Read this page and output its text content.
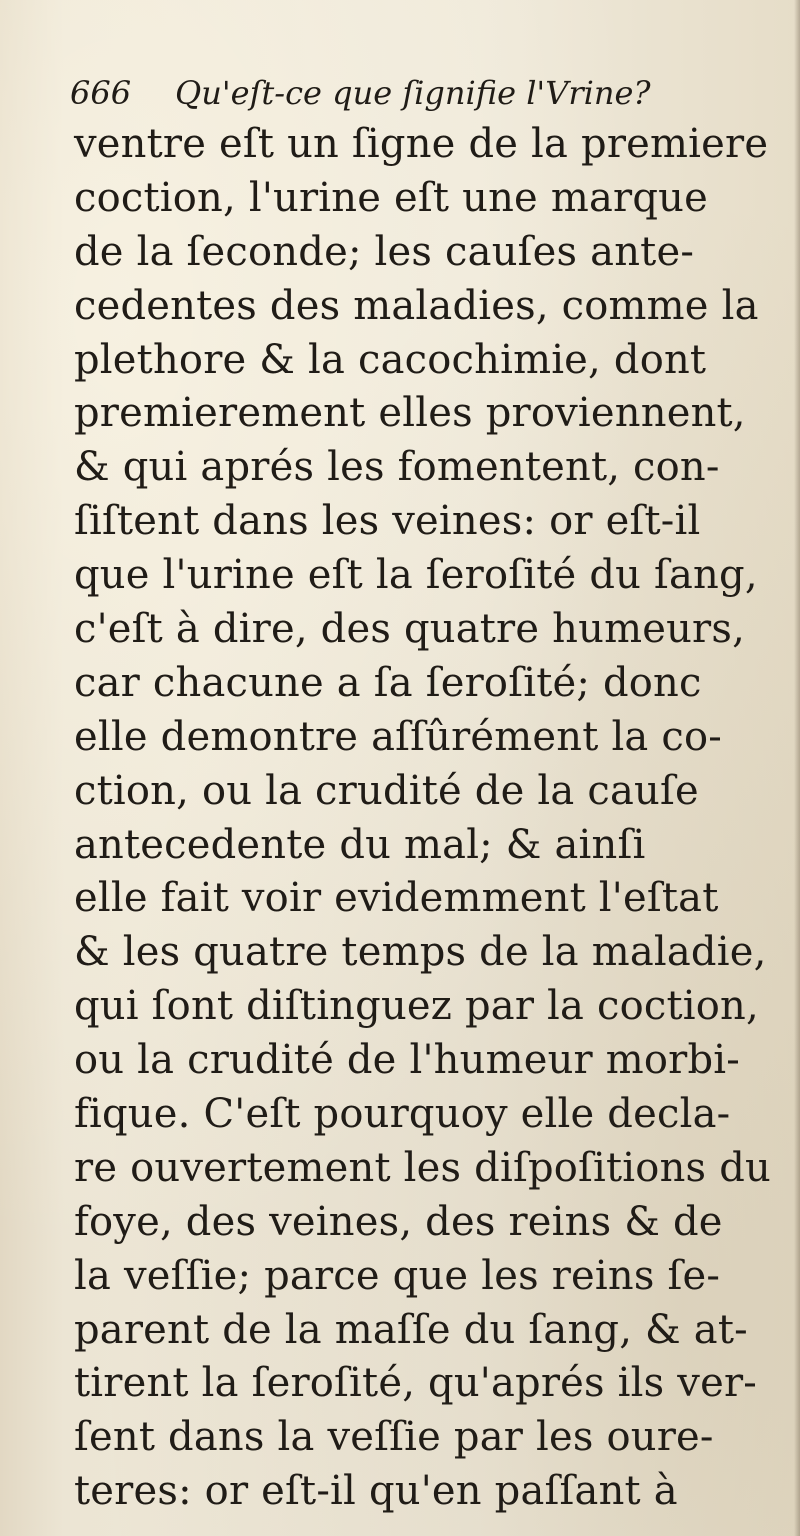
666 Qu'eſt-ce que ſignifie l'Vrine?
ventre eſt un ſigne de la premiere
coction, l'urine eſt une marque
de la ſeconde; les cauſes ante-
cedentes des maladies, comme la
plethore & la cacochimie, dont
premierement elles proviennent,
& qui aprés les fomentent, con-
ſiſtent dans les veines: or eſt-il
que l'urine eſt la ſeroſité du ſang,
c'eſt à dire, des quatre humeurs,
car chacune a ſa ſeroſité; donc
elle demontre aſſûrément la co-
ction, ou la crudité de la cauſe
antecedente du mal; & ainſi
elle fait voir evidemment l'eſtat
& les quatre temps de la maladie,
qui ſont diſtinguez par la coction,
ou la crudité de l'humeur morbi-
fique. C'eſt pourquoy elle decla-
re ouvertement les diſpoſitions du
foye, des veines, des reins & de
la veſſie; parce que les reins ſe-
parent de la maſſe du ſang, & at-
tirent la ſeroſité, qu'aprés ils ver-
ſent dans la veſſie par les oure-
teres: or eſt-il qu'en paſſant à
